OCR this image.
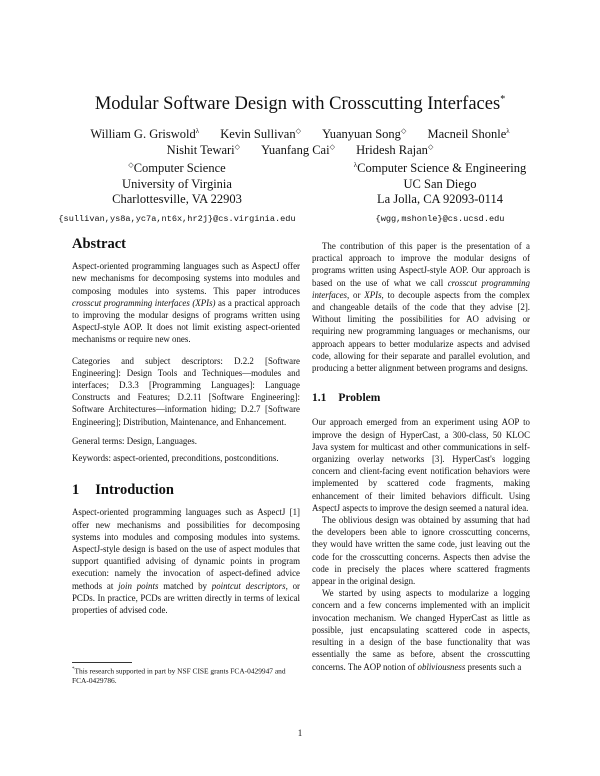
Modular Software Design with Crosscutting Interfaces*
William G. Griswold$^\lambda$ Kevin Sullivan◇ Yuanyuan Song◇ Macneil Shonle$^\lambda$
Nishit Tewari◇ Yuanfang Cai◇ Hridesh Rajan◇
◇Computer Science
University of Virginia
Charlottesville, VA 22903
{sullivan,ys8a,yc7a,nt6x,hr2j}@cs.virginia.edu
$^\lambda$Computer Science & Engineering
UC San Diego
La Jolla, CA 92093-0114
{wgg,mshonle}@cs.ucsd.edu
Abstract

Aspect-oriented programming languages such as AspectJ offer new mechanisms for decomposing systems into modules and composing modules into systems. This paper introduces crosscut programming interfaces (XPIs) as a practical approach to improving the modular designs of programs written using AspectJ-style AOP. It does not limit existing aspect-oriented mechanisms or require new ones.

Categories and subject descriptors: D.2.2 [Software Engineering]: Design Tools and Techniques—modules and interfaces; D.3.3 [Programming Languages]: Language Constructs and Features; D.2.11 [Software Engineering]: Software Architectures—information hiding; D.2.7 [Software Engineering]; Distribution, Maintenance, and Enhancement.

General terms: Design, Languages.

Keywords: aspect-oriented, preconditions, postconditions.

1 Introduction

Aspect-oriented programming languages such as AspectJ [1] offer new mechanisms and possibilities for decomposing systems into modules and composing modules into systems. AspectJ-style design is based on the use of aspect modules that support quantified advising of dynamic points in program execution: namely the invocation of aspect-defined advice methods at join points matched by pointcut descriptors, or PCDs. In practice, PCDs are written directly in terms of lexical properties of advised code.

*This research supported in part by NSF CISE grants FCA-0429947 and FCA-0429786.

The contribution of this paper is the presentation of a practical approach to improve the modular designs of programs written using AspectJ-style AOP. Our approach is based on the use of what we call crosscut programming interfaces, or XPIs, to decouple aspects from the complex and changeable details of the code that they advise [2]. Without limiting the possibilities for AO advising or requiring new programming languages or mechanisms, our approach appears to better modularize aspects and advised code, allowing for their separate and parallel evolution, and producing a better alignment between programs and designs.

1.1 Problem

Our approach emerged from an experiment using AOP to improve the design of HyperCast, a 300-class, 50 KLOC Java system for multicast and other communications in self-organizing overlay networks [3]. HyperCast's logging concern and client-facing event notification behaviors were implemented by scattered code fragments, making enhancement of their limited behaviors difficult. Using AspectJ aspects to improve the design seemed a natural idea.

The oblivious design was obtained by assuming that had the developers been able to ignore crosscutting concerns, they would have written the same code, just leaving out the code for the crosscutting concerns. Aspects then advise the code in precisely the places where scattered fragments appear in the original design.

We started by using aspects to modularize a logging concern and a few concerns implemented with an implicit invocation mechanism. We changed HyperCast as little as possible, just encapsulating scattered code in aspects, resulting in a design of the base functionality that was essentially the same as before, absent the crosscutting concerns. The AOP notion of obliviousness presents such a

1
